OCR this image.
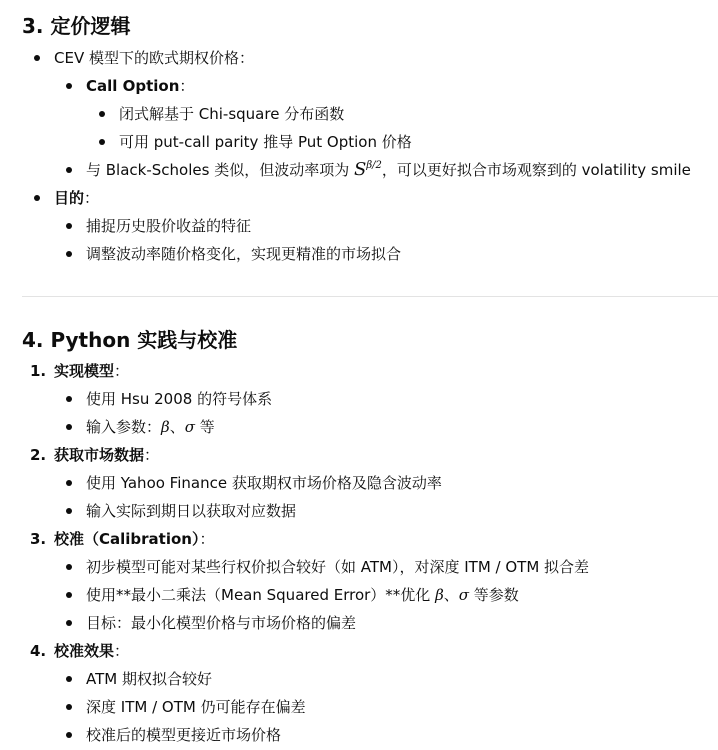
3. 定价逻辑
CEV 模型下的欧式期权价格：
Call Option：
闭式解基于 Chi-square 分布函数
可用 put-call parity 推导 Put Option 价格
与 Black-Scholes 类似，但波动率项为 $S^{\beta/2}$，可以更好拟合市场观察到的 volatility smile
目的：
捕捉历史股价收益的特征
调整波动率随价格变化，实现更精准的市场拟合
4. Python 实践与校准
1. 实现模型：
使用 Hsu 2008 的符号体系
输入参数：β、σ 等
2. 获取市场数据：
使用 Yahoo Finance 获取期权市场价格及隐含波动率
输入实际到期日以获取对应数据
3. 校准（Calibration）：
初步模型可能对某些行权价拟合较好（如 ATM），对深度 ITM / OTM 拟合差
使用**最小二乘法（Mean Squared Error）**优化 β、σ 等参数
目标：最小化模型价格与市场价格的偏差
4. 校准效果：
ATM 期权拟合较好
深度 ITM / OTM 仍可能存在偏差
校准后的模型更接近市场价格
